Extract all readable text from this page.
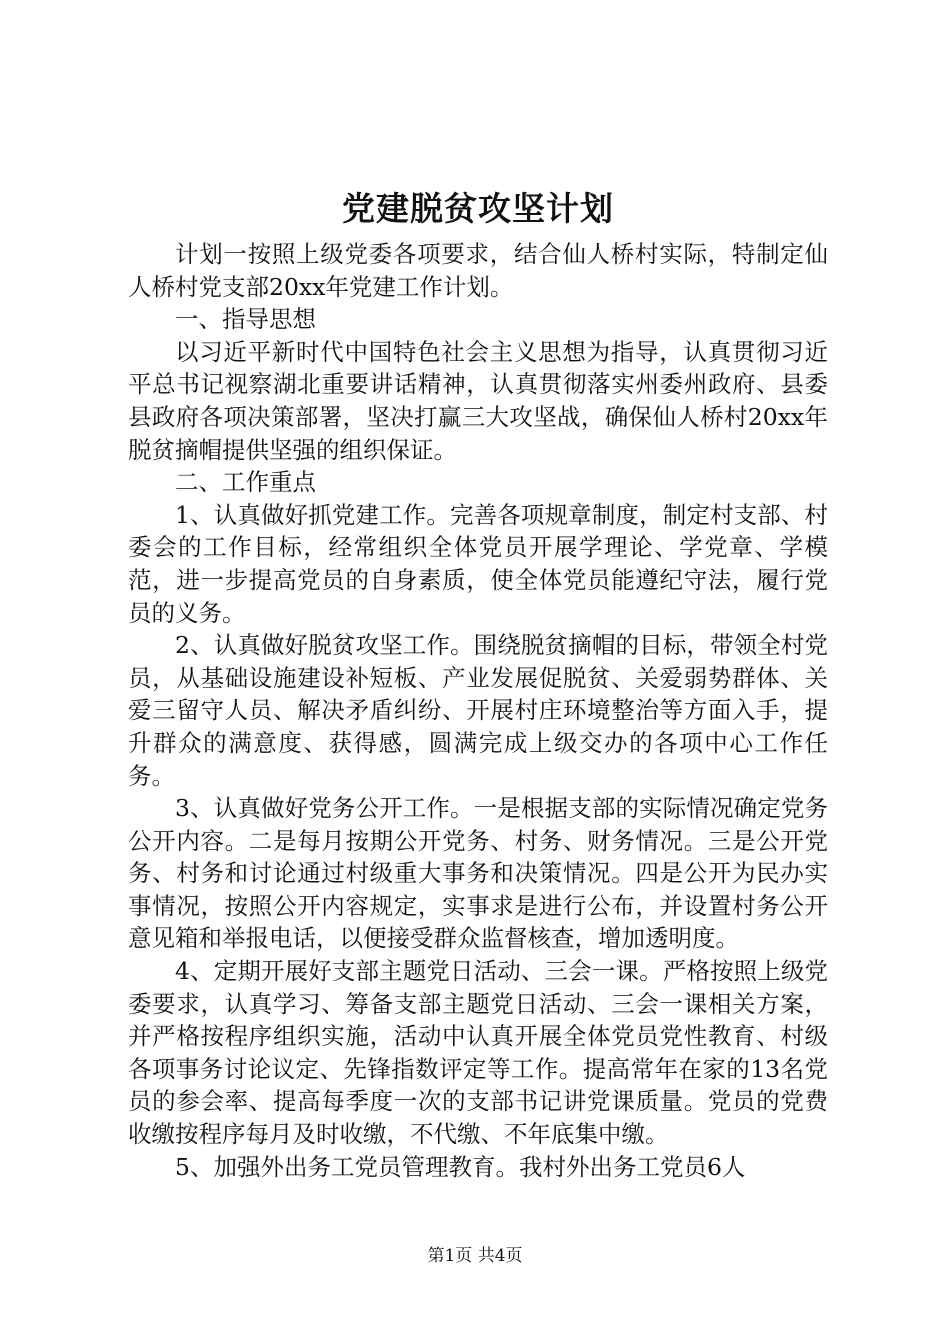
党建脱贫攻坚计划

计划一按照上级党委各项要求，结合仙人桥村实际，特制定仙人桥村党支部20xx年党建工作计划。

一、指导思想

以习近平新时代中国特色社会主义思想为指导，认真贯彻习近平总书记视察湖北重要讲话精神，认真贯彻落实州委州政府、县委县政府各项决策部署，坚决打赢三大攻坚战，确保仙人桥村20xx年脱贫摘帽提供坚强的组织保证。

二、工作重点

1、认真做好抓党建工作。完善各项规章制度，制定村支部、村委会的工作目标，经常组织全体党员开展学理论、学党章、学模范，进一步提高党员的自身素质，使全体党员能遵纪守法，履行党员的义务。

2、认真做好脱贫攻坚工作。围绕脱贫摘帽的目标，带领全村党员，从基础设施建设补短板、产业发展促脱贫、关爱弱势群体、关爱三留守人员、解决矛盾纠纷、开展村庄环境整治等方面入手，提升群众的满意度、获得感，圆满完成上级交办的各项中心工作任务。

3、认真做好党务公开工作。一是根据支部的实际情况确定党务公开内容。二是每月按期公开党务、村务、财务情况。三是公开党务、村务和讨论通过村级重大事务和决策情况。四是公开为民办实事情况，按照公开内容规定，实事求是进行公布，并设置村务公开意见箱和举报电话，以便接受群众监督核查，增加透明度。

4、定期开展好支部主题党日活动、三会一课。严格按照上级党委要求，认真学习、筹备支部主题党日活动、三会一课相关方案，并严格按程序组织实施，活动中认真开展全体党员党性教育、村级各项事务讨论议定、先锋指数评定等工作。提高常年在家的13名党员的参会率、提高每季度一次的支部书记讲党课质量。党员的党费收缴按程序每月及时收缴，不代缴、不年底集中缴。

5、加强外出务工党员管理教育。我村外出务工党员6人

第1页 共4页
